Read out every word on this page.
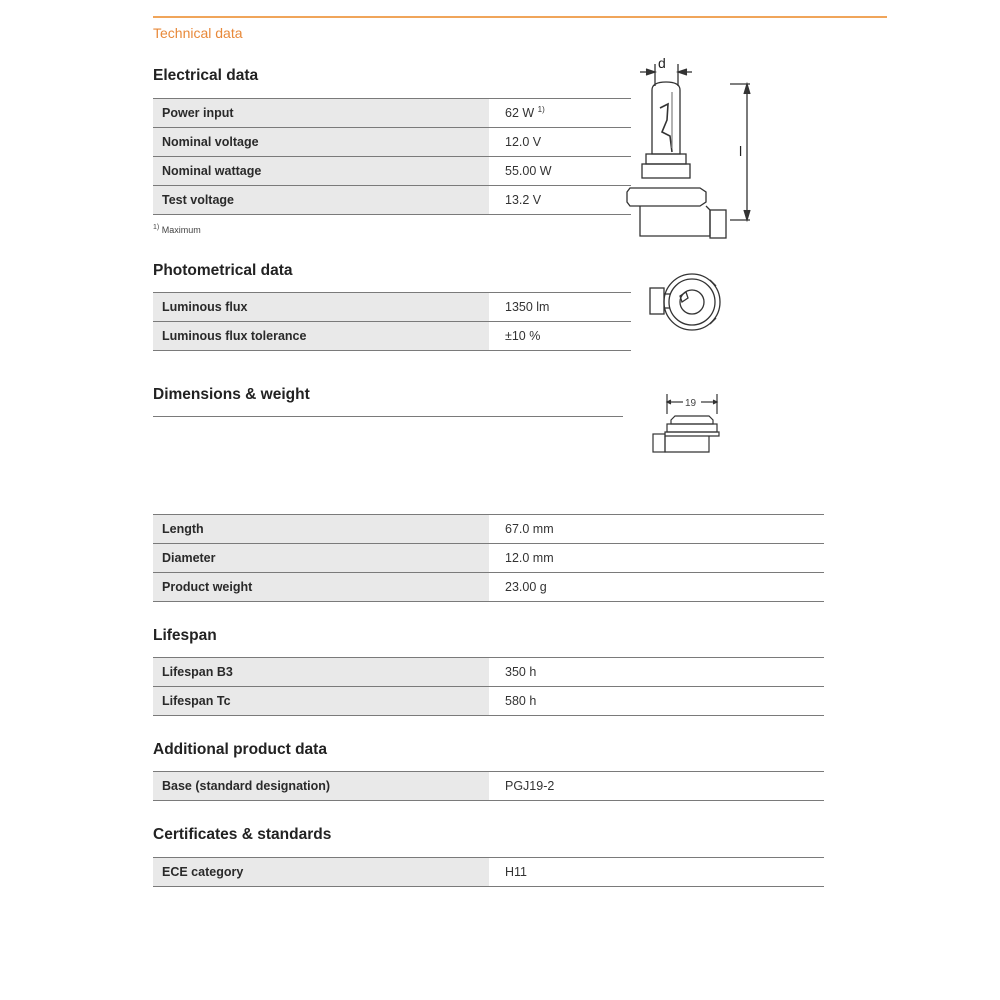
Technical data
Electrical data
Power input	62 W $^{1)}$
Nominal voltage	12.0 V
Nominal wattage	55.00 W
Test voltage	13.2 V
$^{1)}$ Maximum
Photometrical data
Luminous flux	1350 lm
Luminous flux tolerance	±10 %
Dimensions & weight
Length	67.0 mm
Diameter	12.0 mm
Product weight	23.00 g
Lifespan
Lifespan B3	350 h
Lifespan Tc	580 h
Additional product data
Base (standard designation)	PGJ19-2
Certificates & standards
ECE category	H11
d
l
19
